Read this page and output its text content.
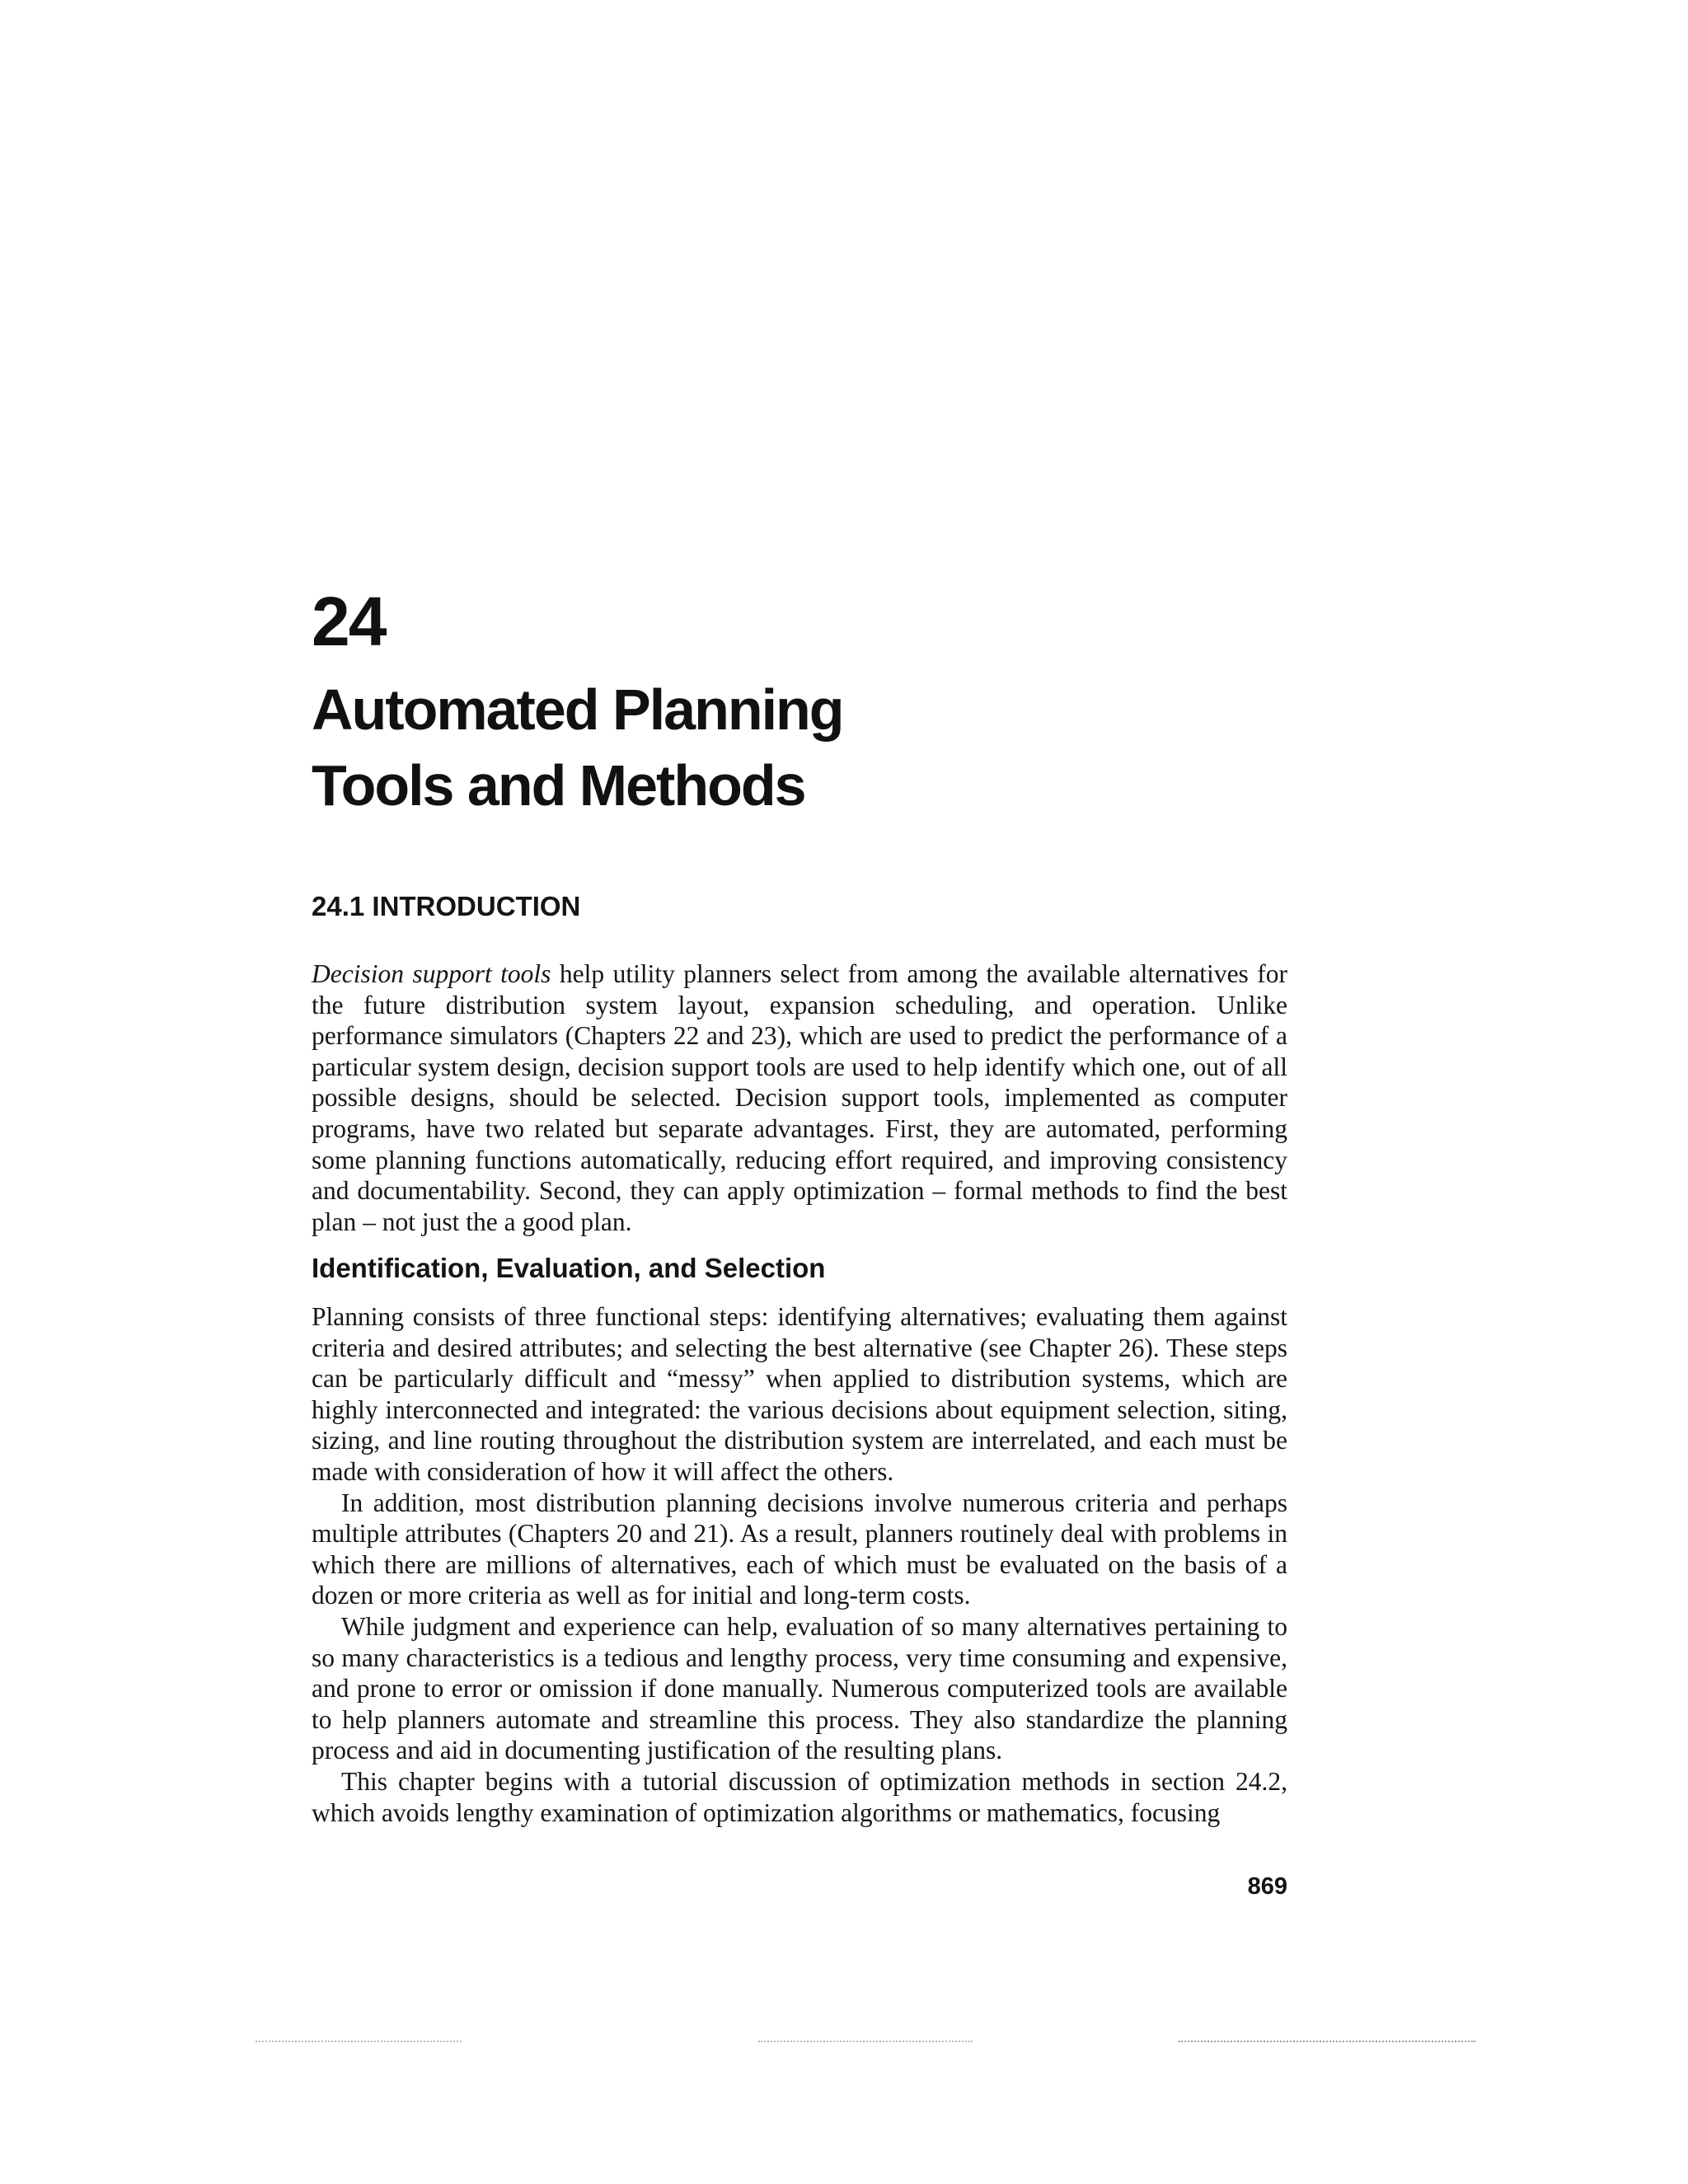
24
Automated Planning
Tools and Methods
24.1 INTRODUCTION

Decision support tools help utility planners select from among the available alternatives for the future distribution system layout, expansion scheduling, and operation. Unlike performance simulators (Chapters 22 and 23), which are used to predict the performance of a particular system design, decision support tools are used to help identify which one, out of all possible designs, should be selected. Decision support tools, implemented as computer programs, have two related but separate advantages. First, they are automated, performing some planning functions automatically, reducing effort required, and improving consistency and documentability. Second, they can apply optimization – formal methods to find the best plan – not just the a good plan.

Identification, Evaluation, and Selection

Planning consists of three functional steps: identifying alternatives; evaluating them against criteria and desired attributes; and selecting the best alternative (see Chapter 26). These steps can be particularly difficult and “messy” when applied to distribution systems, which are highly interconnected and integrated: the various decisions about equipment selection, siting, sizing, and line routing throughout the distribution system are interrelated, and each must be made with consideration of how it will affect the others.

In addition, most distribution planning decisions involve numerous criteria and perhaps multiple attributes (Chapters 20 and 21). As a result, planners routinely deal with problems in which there are millions of alternatives, each of which must be evaluated on the basis of a dozen or more criteria as well as for initial and long-term costs.

While judgment and experience can help, evaluation of so many alternatives pertaining to so many characteristics is a tedious and lengthy process, very time consuming and expensive, and prone to error or omission if done manually. Numerous computerized tools are available to help planners automate and streamline this process. They also standardize the planning process and aid in documenting justification of the resulting plans.

This chapter begins with a tutorial discussion of optimization methods in section 24.2, which avoids lengthy examination of optimization algorithms or mathematics, focusing

869
